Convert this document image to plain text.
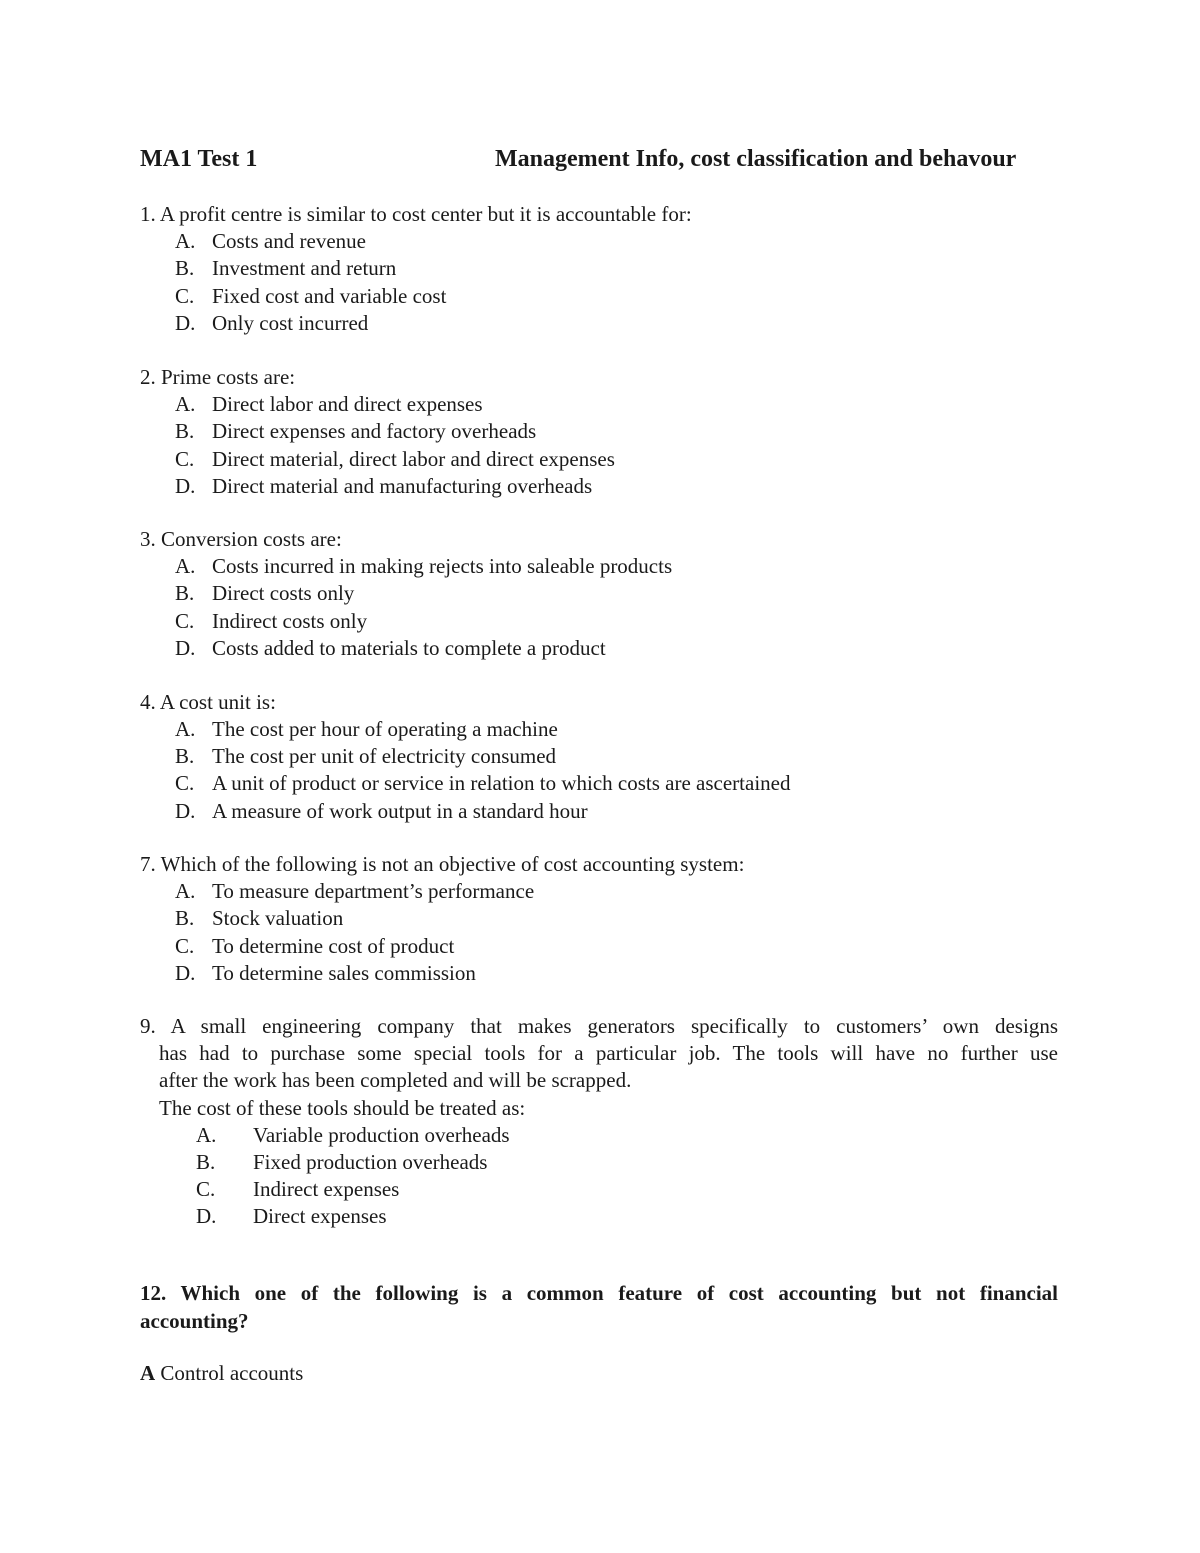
MA1 Test 1	Management Info, cost classification and behavour
1. A profit centre is similar to cost center but it is accountable for:
A. Costs and revenue
B. Investment and return
C. Fixed cost and variable cost
D. Only cost incurred
2. Prime costs are:
A. Direct labor and direct expenses
B. Direct expenses and factory overheads
C. Direct material, direct labor and direct expenses
D. Direct material and manufacturing overheads
3. Conversion costs are:
A. Costs incurred in making rejects into saleable products
B. Direct costs only
C. Indirect costs only
D. Costs added to materials to complete a product
4. A cost unit is:
A. The cost per hour of operating a machine
B. The cost per unit of electricity consumed
C. A unit of product or service in relation to which costs are ascertained
D. A measure of work output in a standard hour
7. Which of the following is not an objective of cost accounting system:
A. To measure department’s performance
B. Stock valuation
C. To determine cost of product
D. To determine sales commission
9. A small engineering company that makes generators specifically to customers’ own designs
has had to purchase some special tools for a particular job. The tools will have no further use
after the work has been completed and will be scrapped.
The cost of these tools should be treated as:
A. Variable production overheads
B. Fixed production overheads
C. Indirect expenses
D. Direct expenses
12. Which one of the following is a common feature of cost accounting but not financial
accounting?
A Control accounts
